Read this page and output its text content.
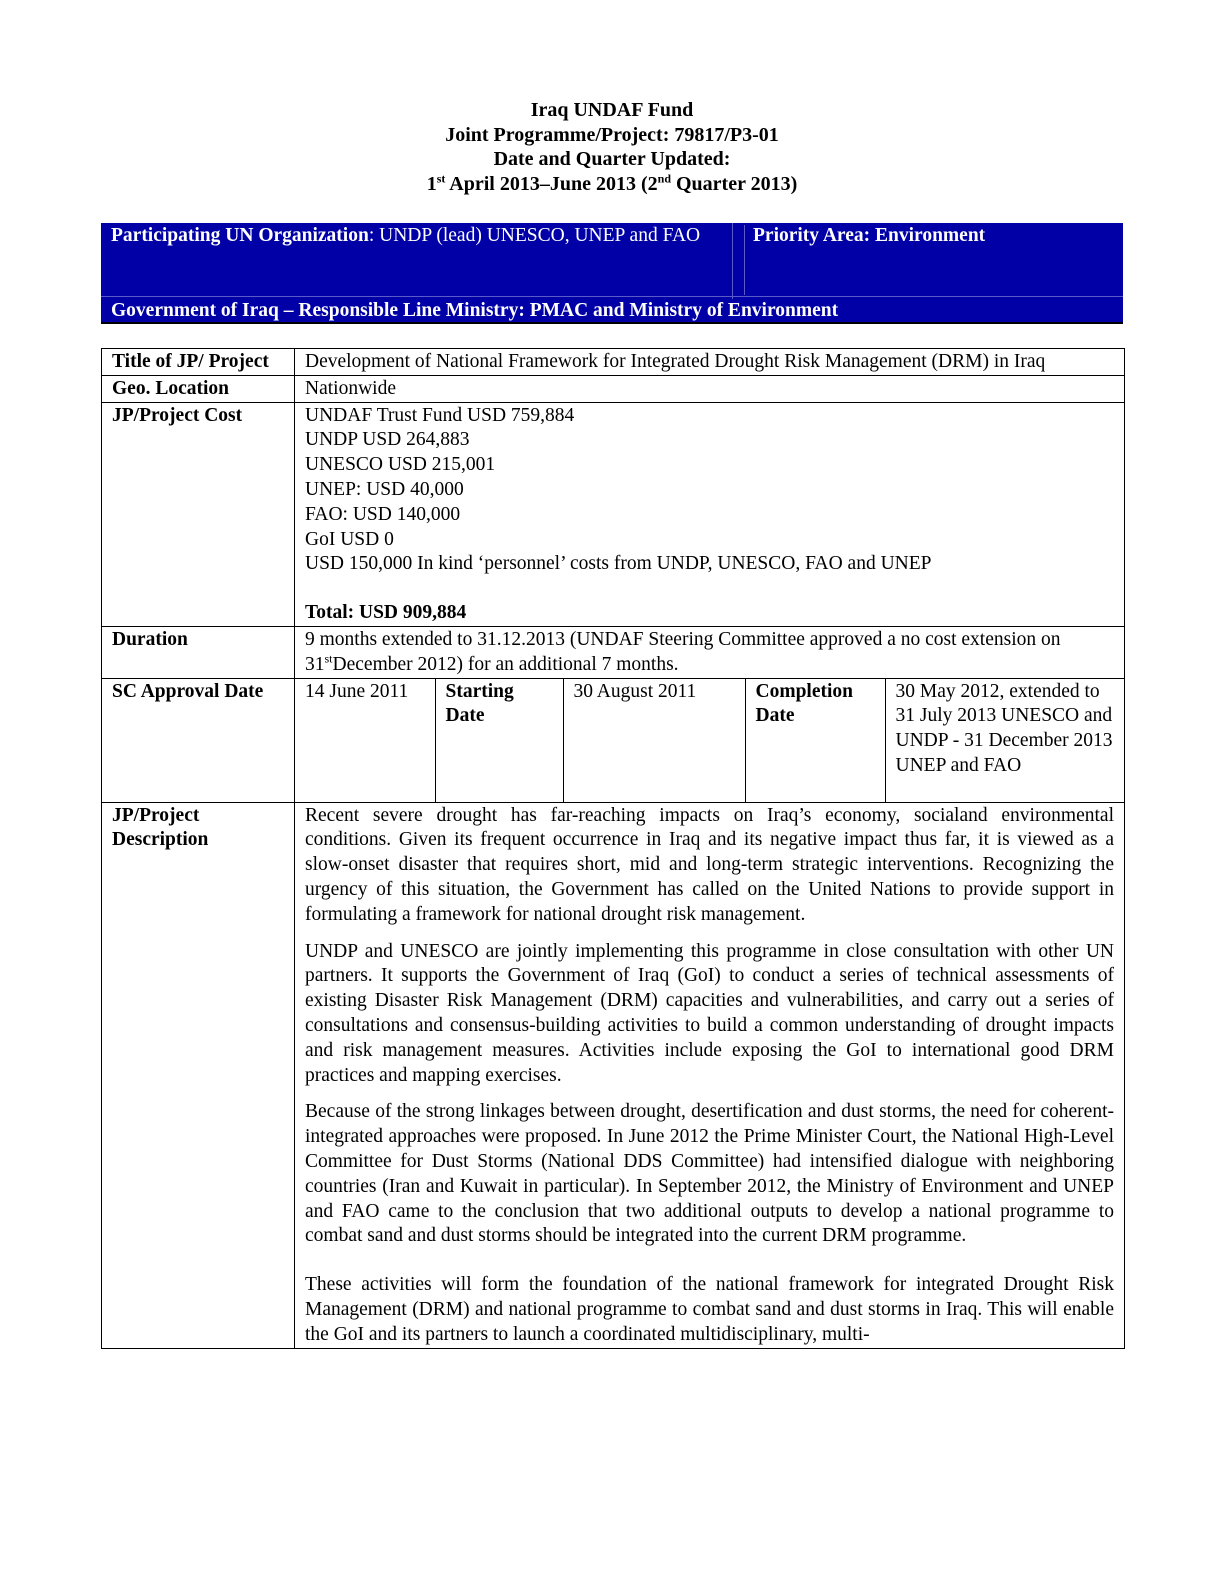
Iraq UNDAF Fund
Joint Programme/Project: 79817/P3-01
Date and Quarter Updated:
1st April 2013–June 2013 (2nd Quarter 2013)
Participating UN Organization: UNDP (lead) UNESCO, UNEP and FAO	Priority Area: Environment
Government of Iraq – Responsible Line Ministry: PMAC and Ministry of Environment
Title of JP/ Project	Development of National Framework for Integrated Drought Risk Management (DRM) in Iraq
Geo. Location	Nationwide
JP/Project Cost	UNDAF Trust Fund USD 759,884
UNDP USD 264,883
UNESCO USD 215,001
UNEP: USD 40,000
FAO: USD 140,000
GoI USD 0
USD 150,000 In kind ‘personnel’ costs from UNDP, UNESCO, FAO and UNEP
Total: USD 909,884

Duration	9 months extended to 31.12.2013 (UNDAF Steering Committee approved a no cost extension on 31stDecember 2012) for an additional 7 months.
SC Approval Date	14 June 2011	Starting Date	30 August 2011	Completion Date	30 May 2012, extended to 31 July 2013 UNESCO and UNDP - 31 December 2013 UNEP and FAO

JP/Project Description	

Recent severe drought has far-reaching impacts on Iraq’s economy, socialand environmental conditions. Given its frequent occurrence in Iraq and its negative impact thus far, it is viewed as a slow-onset disaster that requires short, mid and long-term strategic interventions. Recognizing the urgency of this situation, the Government has called on the United Nations to provide support in formulating a framework for national drought risk management.

UNDP and UNESCO are jointly implementing this programme in close consultation with other UN partners. It supports the Government of Iraq (GoI) to conduct a series of technical assessments of existing Disaster Risk Management (DRM) capacities and vulnerabilities, and carry out a series of consultations and consensus-building activities to build a common understanding of drought impacts and risk management measures. Activities include exposing the GoI to international good DRM practices and mapping exercises.

Because of the strong linkages between drought, desertification and dust storms, the need for coherent-integrated approaches were proposed. In June 2012 the Prime Minister Court, the National High-Level Committee for Dust Storms (National DDS Committee) had intensified dialogue with neighboring countries (Iran and Kuwait in particular). In September 2012, the Ministry of Environment and UNEP and FAO came to the conclusion that two additional outputs to develop a national programme to combat sand and dust storms should be integrated into the current DRM programme.

These activities will form the foundation of the national framework for integrated Drought Risk Management (DRM) and national programme to combat sand and dust storms in Iraq. This will enable the GoI and its partners to launch a coordinated multidisciplinary, multi-
